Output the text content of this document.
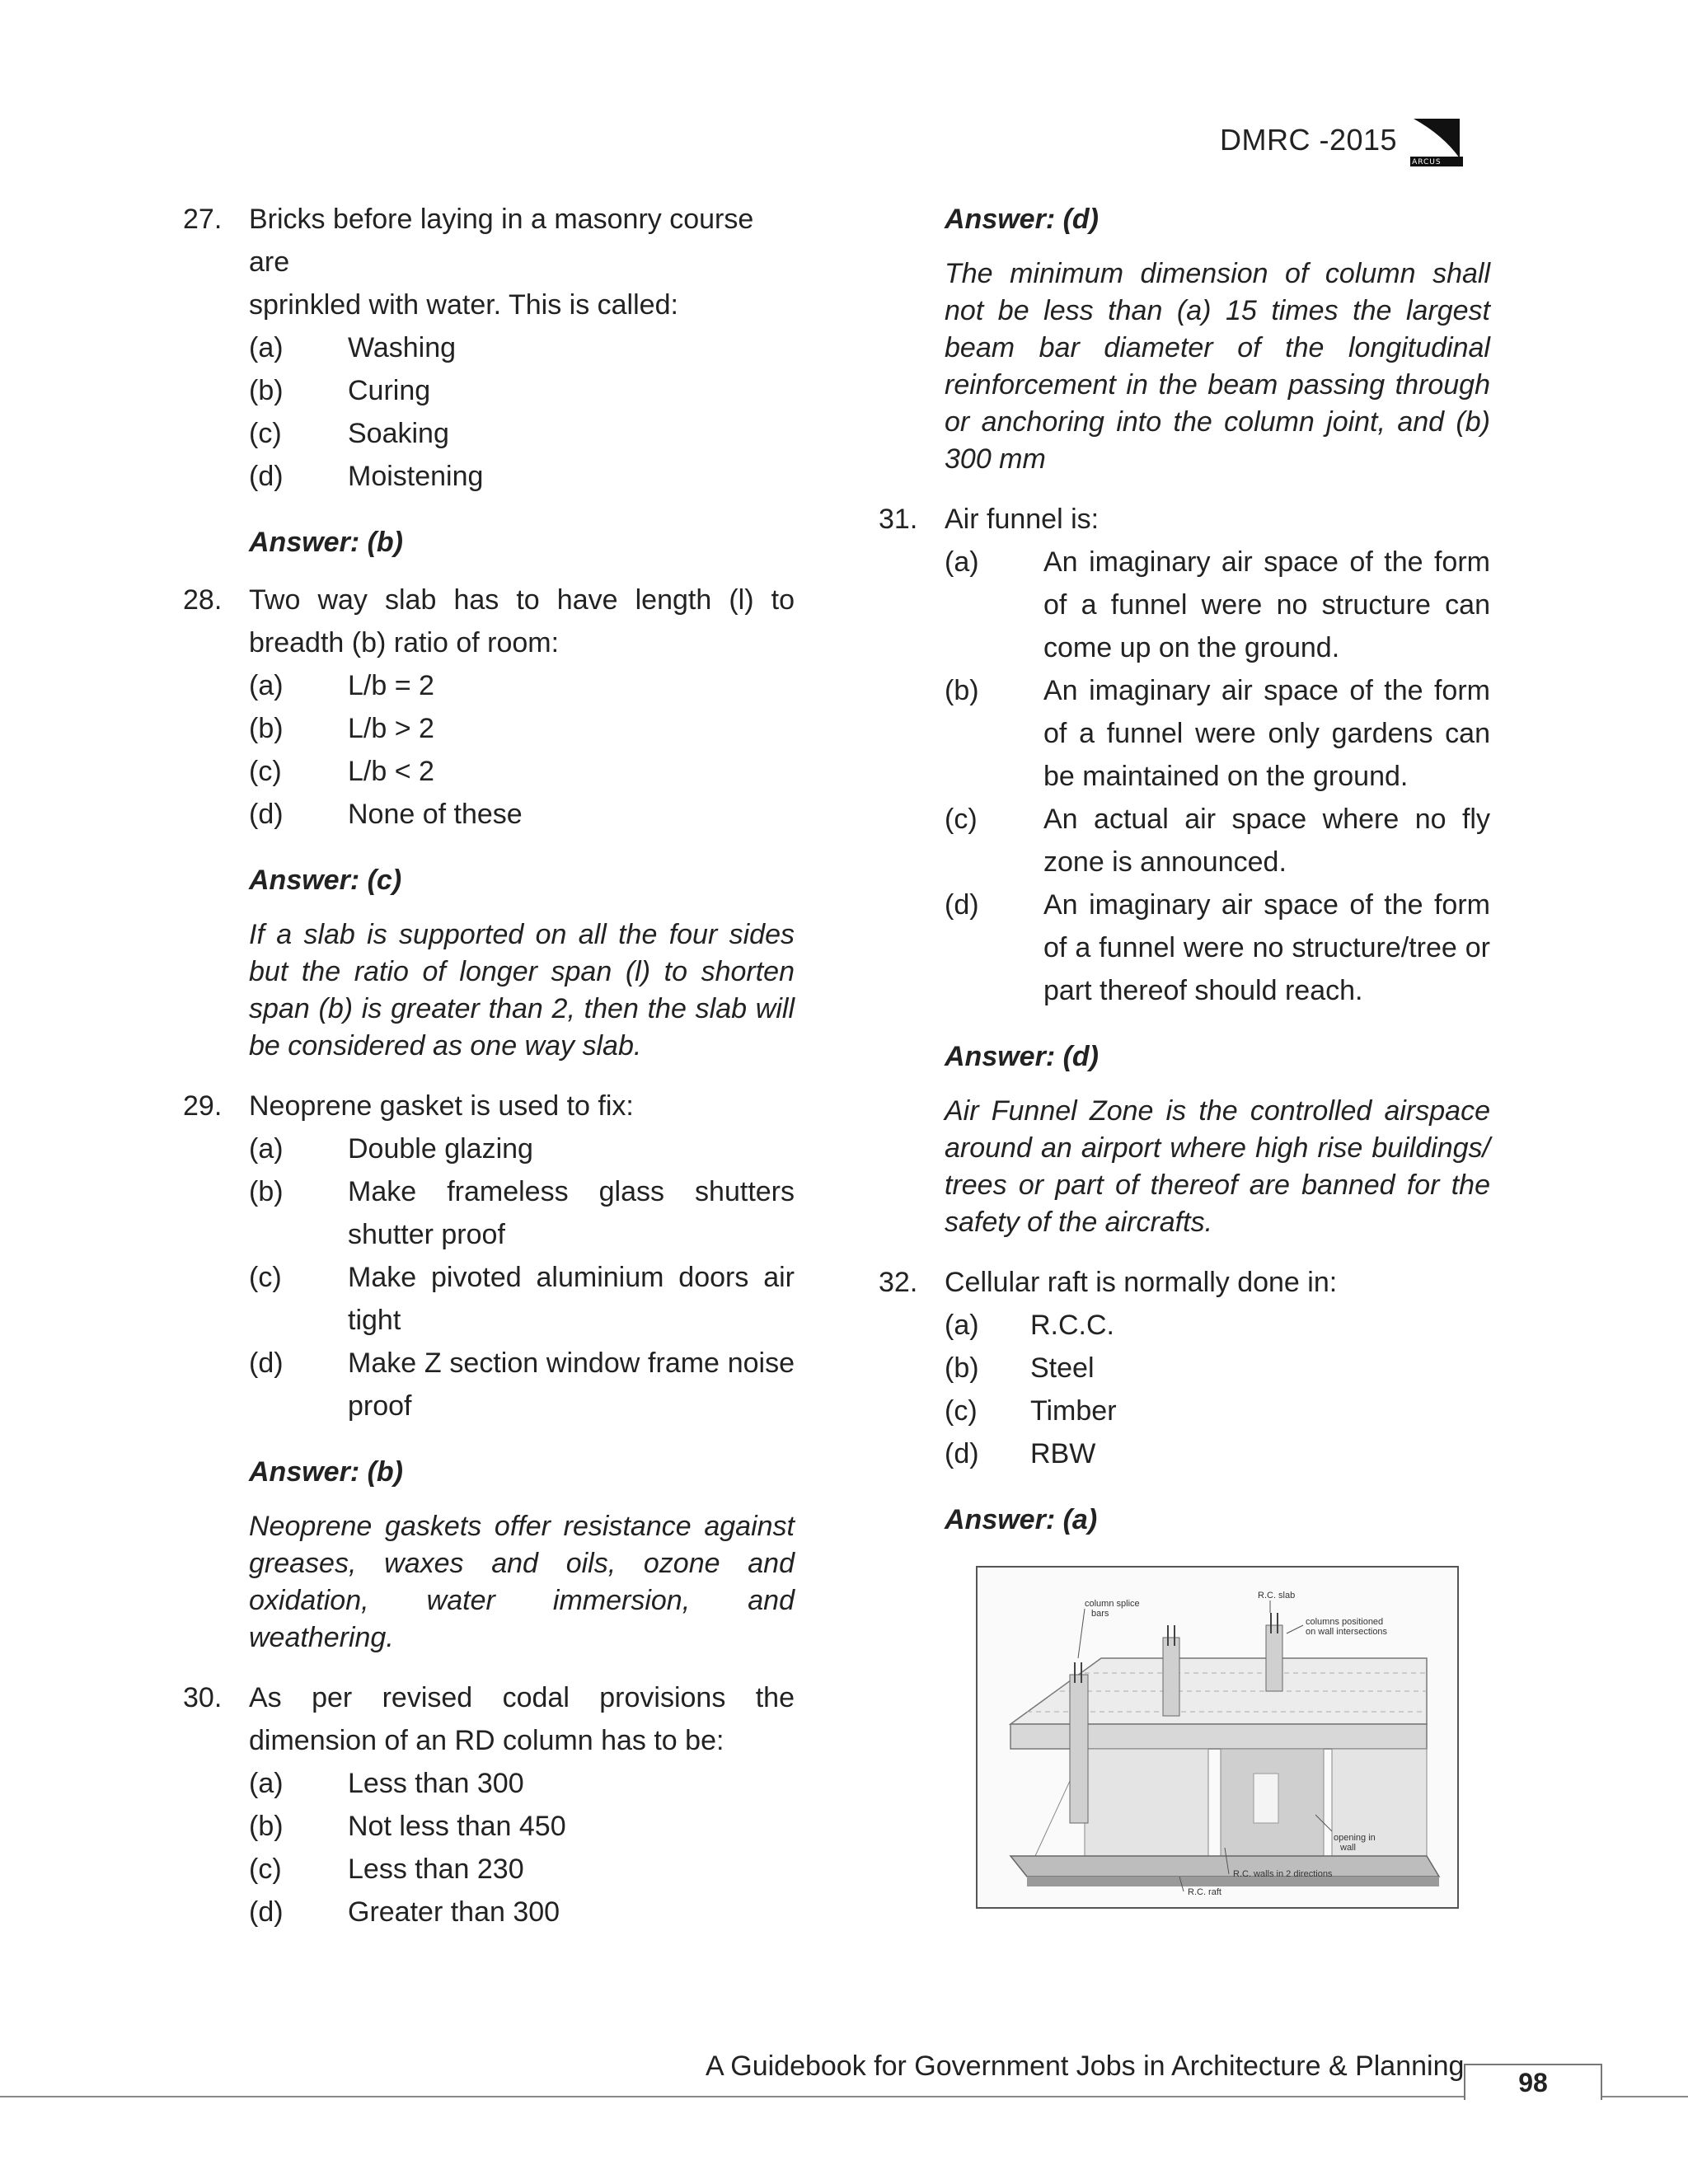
DMRC -2015
ARCUS
27. Bricks before laying in a masonry course are
sprinkled with water. This is called:
(a)	Washing
(b)	Curing
(c)	Soaking
(d)	Moistening
Answer: (b)
28. Two way slab has to have length (l) to
breadth (b) ratio of room:
(a)	L/b = 2
(b)	L/b > 2
(c)	L/b < 2
(d)	None of these
Answer: (c)
If a slab is supported on all the four sides but the ratio of longer span (l) to shorten span (b) is greater than 2, then the slab will be considered as one way slab.
29. Neoprene gasket is used to fix:
(a)	Double glazing
(b)	Make frameless glass shutters shutter proof
(c)	Make pivoted aluminium doors air tight
(d)	Make Z section window frame noise proof
Answer: (b)
Neoprene gaskets offer resistance against greases, waxes and oils, ozone and oxidation, water immersion, and weathering.
30. As per revised codal provisions the
dimension of an RD column has to be:
(a)	Less than 300
(b)	Not less than 450
(c)	Less than 230
(d)	Greater than 300
Answer: (d)
The minimum dimension of column shall not be less than (a) 15 times the largest beam bar diameter of the longitudinal reinforcement in the beam passing through or anchoring into the column joint, and (b) 300 mm
31. Air funnel is:
(a)	An imaginary air space of the form of a funnel were no structure can come up on the ground.
(b)	An imaginary air space of the form of a funnel were only gardens can be maintained on the ground.
(c)	An actual air space where no fly zone is announced.
(d)	An imaginary air space of the form of a funnel were no structure/tree or part thereof should reach.
Answer: (d)
Air Funnel Zone is the controlled airspace around an airport where high rise buildings/ trees or part of thereof are banned for the safety of the aircrafts.
32. Cellular raft is normally done in:
(a)	R.C.C.
(b)	Steel
(c)	Timber
(d)	RBW
Answer: (a)
column splice
bars
R.C. slab
columns positioned
on wall intersections
opening in
wall
R.C. walls in 2 directions
R.C. raft
A Guidebook for Government Jobs in Architecture & Planning
98
